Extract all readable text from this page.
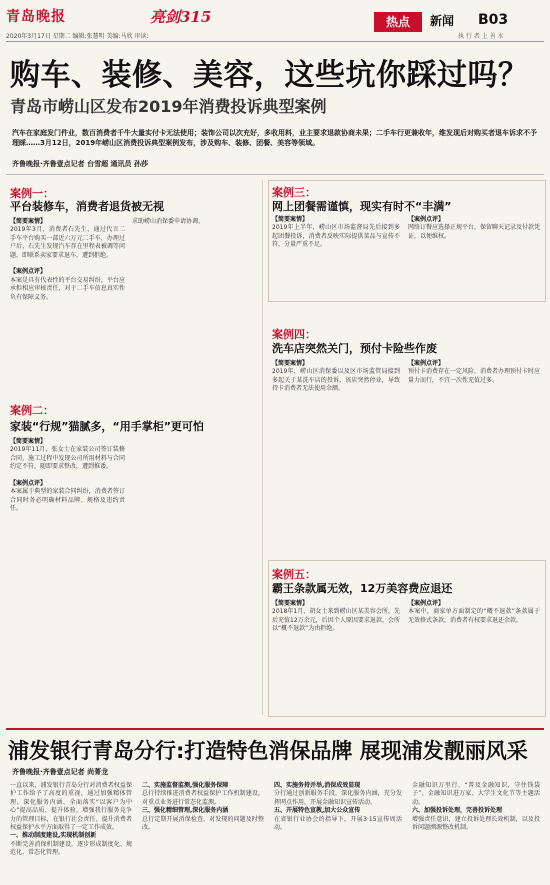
青岛晚报	亮剑315	热点	新闻 B03
2020年3月17日 星期二 编辑:张慧明 美编:马欣 审读:	执 行 者 上 善 水
购车、装修、美容，这些坑你踩过吗？
青岛市崂山区发布2019年消费投诉典型案例
汽车在家庭发门件业，数百消费者千牛大量实付卡无法使用；装饰公司以次充好，多收用料，业主要求退款协商未果；二手车行更兼收年，维发现后对购买者退车诉求不予理睬……3月12日，2019年崂山区消费投诉典型案例发布，涉及购车、装修、团餐、美容等领域。
齐鲁晚报·齐鲁壹点记者 台雪超 通讯员 孙莎
案例一：
平台装修车，消费者退货被无视
【简要案情】
2019年3月，消费者石先生，通过代言二手车平台购买一部近六万元二手车，办理过户后，石先生发现汽车存在里程表被调等问题，即联系卖家要求退车，遭到拒绝。

【案例点评】
本案是具有代表性的平台交易纠纷，平台应承担相应审核责任，对于二手车信息真实性负有保障义务。
求助崂山消保委申请协调。
案例二：
家装“行规”猫腻多，“用手掌柜”更可怕
【简要案情】
2019年11月，张女士在家装公司签订装修合同，施工过程中发现公司所用材料与合同约定不符，随即要求整改，遭到推诿。

【案例点评】
本案属于典型的家装合同纠纷，消费者签订合同时务必明确材料品牌、规格及违约责任。
案例三：
网上团餐需谨慎，现实有时不“丰满”
【简要案情】
2019年上半年，崂山区市场监督局先后接到多起团餐投诉，消费者反映实际提供菜品与宣传不符，分量严重不足。
【案例点评】
网络订餐应选择正规平台，保留聊天记录及付款凭证，以便维权。
案例四：
洗车店突然关门，预付卡险些作废
【简要案情】
2019年，崂山区消保委以及区市场监管局接到多起关于某洗车店的投诉，该店突然停业，导致持卡消费者无法使用余额。
【案例点评】
预付卡消费存在一定风险，消费者办理预付卡时应量力而行，不宜一次性充值过多。
案例五：
霸王条款属无效，12万美容费应退还
【简要案情】
2018年1月，胡女士来到崂山区某美容会所，先后充值12万余元，后因个人原因要求退款，会所以“概不退款”为由拒绝。
【案例点评】
本案中，商家单方面制定的“概不退款”条款属于无效格式条款，消费者有权要求退还余款。
浦发银行青岛分行:打造特色消保品牌 展现浦发靓丽风采
齐鲁晚报·齐鲁壹点记者 尚菁龙
一直以来，浦发银行青岛分行对消费者权益保护工作给予了高度的重视，通过加强精体管理、深化服务内涵、全面落实“以客户为中心”提高品质、提升体验，增强我行服务竞争力的管理目标，在银行社会责任、提升消费者权益保护水平方面取得了一定工作成效。
一、推动制度建设,实现机制创新
不断完善消保机制建设，逐步形成制度化、规范化、常态化管理。
二、实施监督监测,强化服务保障
总行持续推进消费者权益保护工作机制建设，对重点业务进行常态化监测。
三、强化精细管理,深化服务内涵
总行定期开展消保检查，对发现的问题及时整改。
四、实施务持并举,消保成效显现
分行通过创新服务手段，深化服务内涵，充分发挥网点作用，开展金融知识宣传活动。
五、开展特色宣教,加大公众宣传
在省银行业协会的指导下，开展3·15宣传周活动。
金融知识万里行、“普及金融知识，守住钱袋子”、金融知识进万家、大学生文化节等主题活动。
六、加强投诉处理，完善投诉处理
增强责任意识，建立投诉处理长效机制，以及投诉问题溯源整改机制。
